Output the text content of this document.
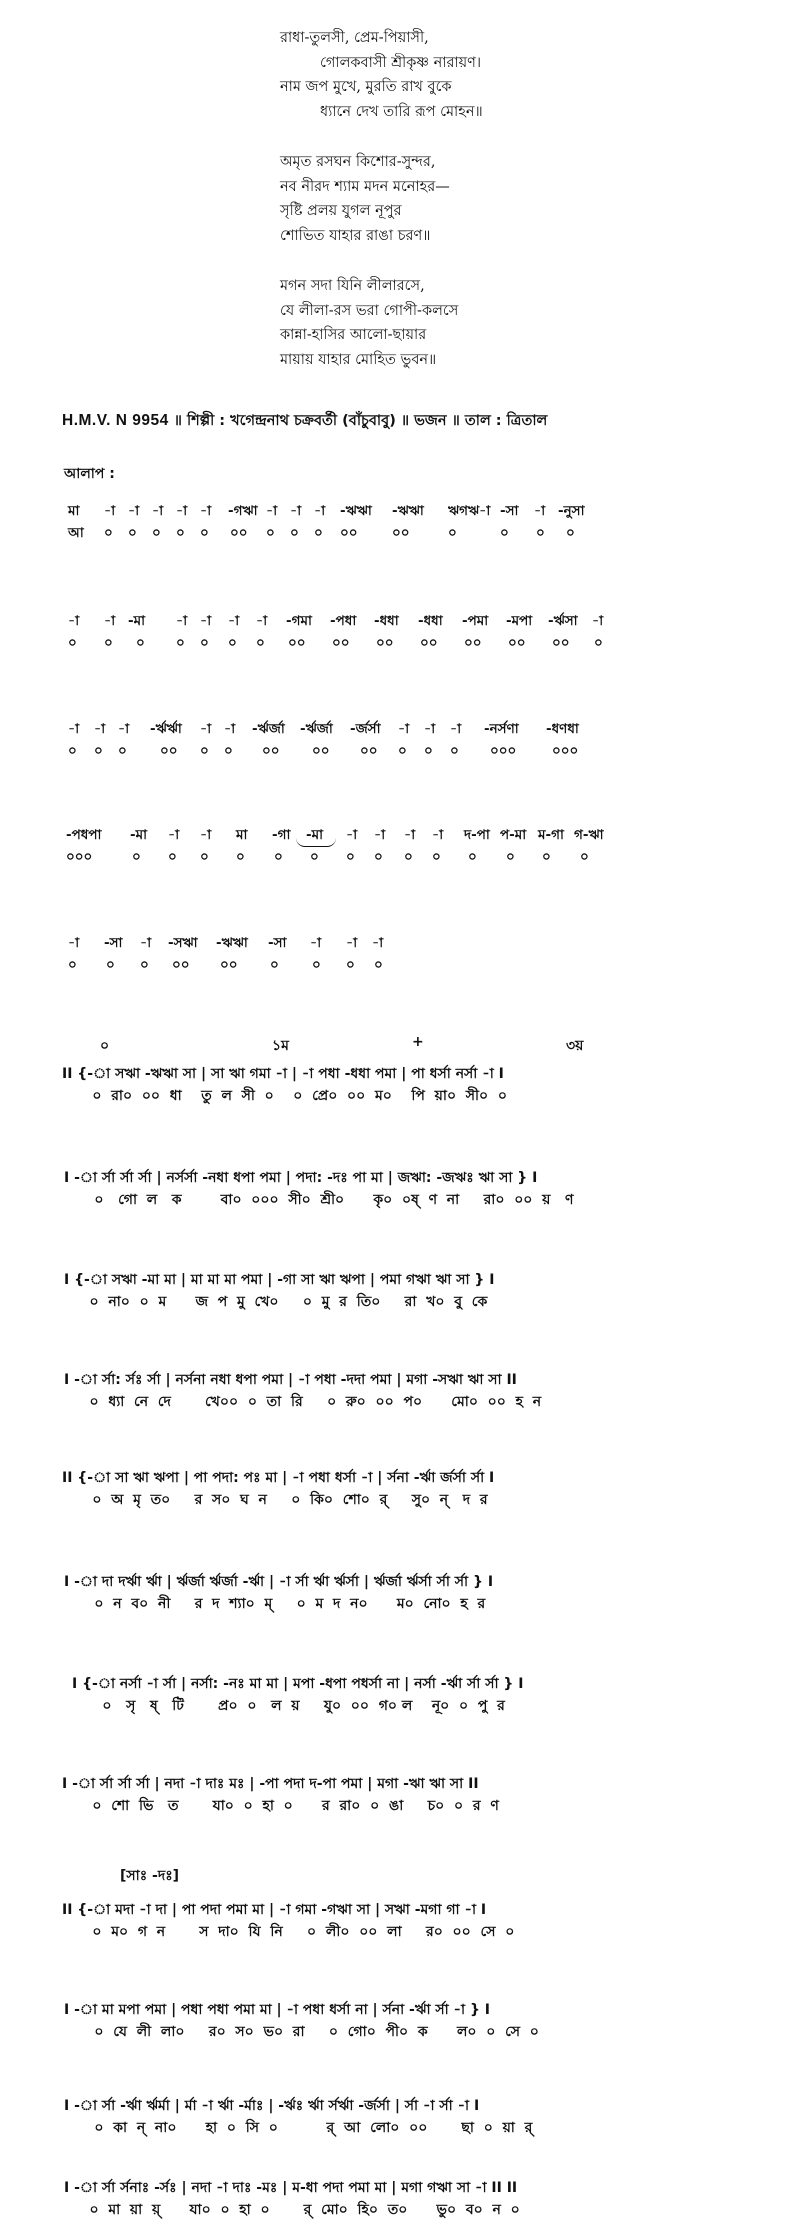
রাধা-তুলসী, প্রেম-পিয়াসী,
গোলকবাসী শ্রীকৃষ্ণ নারায়ণ।
নাম জপ মুখে, মুরতি রাখ বুকে
ধ্যানে দেখ তারি রূপ মোহন॥
অমৃত রসঘন কিশোর-সুন্দর,
নব নীরদ শ্যাম মদন মনোহর—
সৃষ্টি প্রলয় যুগল নূপুর
শোভিত যাহার রাঙা চরণ॥
মগন সদা যিনি লীলারসে,
যে লীলা-রস ভরা গোপী-কলসে
কান্না-হাসির আলো-ছায়ার
মায়ায় যাহার মোহিত ভুবন॥
H.M.V. N 9954 ॥ শিল্পী : খগেন্দ্রনাথ চক্রবর্তী (বাঁচুবাবু) ॥ ভজন ॥ তাল : ত্রিতাল
আলাপ :
মা -া -া -া -া -া -গঋা -া -া -া -ঋঋা -ঋঋা ঋগঋ-া -সা -া -নুসা
আ ০ ০ ০ ০ ০ ০০ ০ ০ ০ ০০	০০	০	০ ০ ০
-া -া -মা -া -া -া -া -গমা -পধা -ধধা -ধধা -পমা -মপা -র্ঋসা -া
০ ০ ০ ০ ০ ০ ০ ০০ ০০ ০০ ০০ ০০ ০০ ০০ ০
-া -া -া -র্ঋর্ঋা -া -া -র্ঋর্জা -র্ঋর্জা -র্জর্সা -া -া -া -নর্সণা -ধণধা
০ ০ ০ ০০ ০ ০ ০০ ০০ ০০ ০ ০ ০ ০০০	০০০
-পধপা -মা -া -া মা -গা -মা -া -া -া -া দ-পা প-মা ম-গা গ-ঋা
০০০	০ ০ ০ ০ ০ ০ ০ ০ ০ ০ ০ ০ ০ ০
-া -সা -া -সঋা -ঋঋা -সা -া -া -া
০ ০ ০ ০০ ০০ ০ ০ ০ ০
০	১ম	+	৩য়
II {-া সঋা -ঋঋা সা | সা ঋা গমা -া | -া পধা -ধধা পমা | পা ধর্সা নর্সা -া I
০  রা০  ০০  ধা    তু  ল  সী  ০    ০  প্রে০  ০০  ম০    পি  য়া০  সী০  ০
I -া র্সা র্সা র্সা | নর্সর্সা -নধা ধপা পমা | পদা: -দঃ পা মা | জঋা: -জঋঃ ঋা সা } I
০   গো  ল   ক        বা০  ০০০  সী০  শ্রী০      কৃ০  ০ষ্  ণ  না     রা০  ০০  য়   ণ
I {-া সঋা -মা মা | মা মা মা পমা | -গা সা ঋা ঋপা | পমা গঋা ঋা সা } I
০  না০  ০  ম      জ  প  মু  খে০     ০  মু  র  তি০     রা  খ০  বু  কে
I -া র্সা: র্সঃ র্সা | নর্সনা নধা ধপা পমা | -া পধা -দদা পমা | মগা -সঋা ঋা সা II
০  ধ্যা  নে  দে       খে০০  ০  তা  রি     ০  রু০  ০০  প০      মো০  ০০  হ  ন
II {-া সা ঋা ঋপা | পা পদা: পঃ মা | -া পধা ধর্সা -া | র্সনা -র্ঋা র্জর্সা র্সা I
০  অ  মৃ  ত০     র  স০  ঘ  ন     ০  কি০  শো০  র্     সু০  ন্   দ  র
I -া দা দর্ঋা র্ঋা | র্ঋর্জা র্ঋর্জা -র্ঋা | -া র্সা র্ঋা র্ঋর্সা | র্ঋর্জা র্ঋর্সা র্সা র্সা } I
০  ন  ব০  নী     র  দ  শ্যা০  ম্     ০  ম  দ  ন০      ম০  নো০  হ  র
I {-া নর্সা -া র্সা | নর্সা: -নঃ মা মা | মপা -ধপা পধর্সা না | নর্সা -র্ঋা র্সা র্সা } I
০   সৃ   ষ্   টি       প্র০  ০   ল  য়     যু০  ০০  গ০ ল    নূ০  ০  পু  র
I -া র্সা র্সা র্সা | নদা -া দাঃ মঃ | -পা পদা দ-পা পমা | মগা -ঋা ঋা সা II
০  শো  ভি   ত       যা০  ০  হা  ০      র  রা০  ০  ঙা     চ০  ০  র  ণ
[সাঃ -দঃ]
II {-া মদা -া দা | পা পদা পমা মা | -া গমা -গঋা সা | সঋা -মগা গা -া I
০  ম০  গ  ন       স  দা০  যি  নি     ০  লী০  ০০  লা     র০  ০০  সে  ০
I -া মা মপা পমা | পধা পধা পমা মা | -া পধা ধর্সা না | র্সনা -র্ঋা র্সা -া } I
০  যে  লী  লা০     র০  স০  ভ০  রা     ০  গো০  পী০  ক      ল০  ০  সে  ০
I -া র্সা -র্ঋা র্ঋর্মা | র্মা -া র্ঋা -র্মাঃ | -র্ঋঃ র্ঋা র্সর্ঋা -র্জর্সা | র্সা -া র্সা -া I
০  কা  ন্  না০      হা  ০  সি  ০          র্  আ  লো০  ০০       ছা  ০  য়া  র্
I -া র্সা র্সনাঃ -র্সঃ | নদা -া দাঃ -মঃ | ম-ধা পদা পমা মা | মগা গঋা সা -া II II
০  মা  য়া  য়্      যা০  ০  হা  ০       র্  মো০  হি০  ত০      ভু০  ব০  ন  ০
